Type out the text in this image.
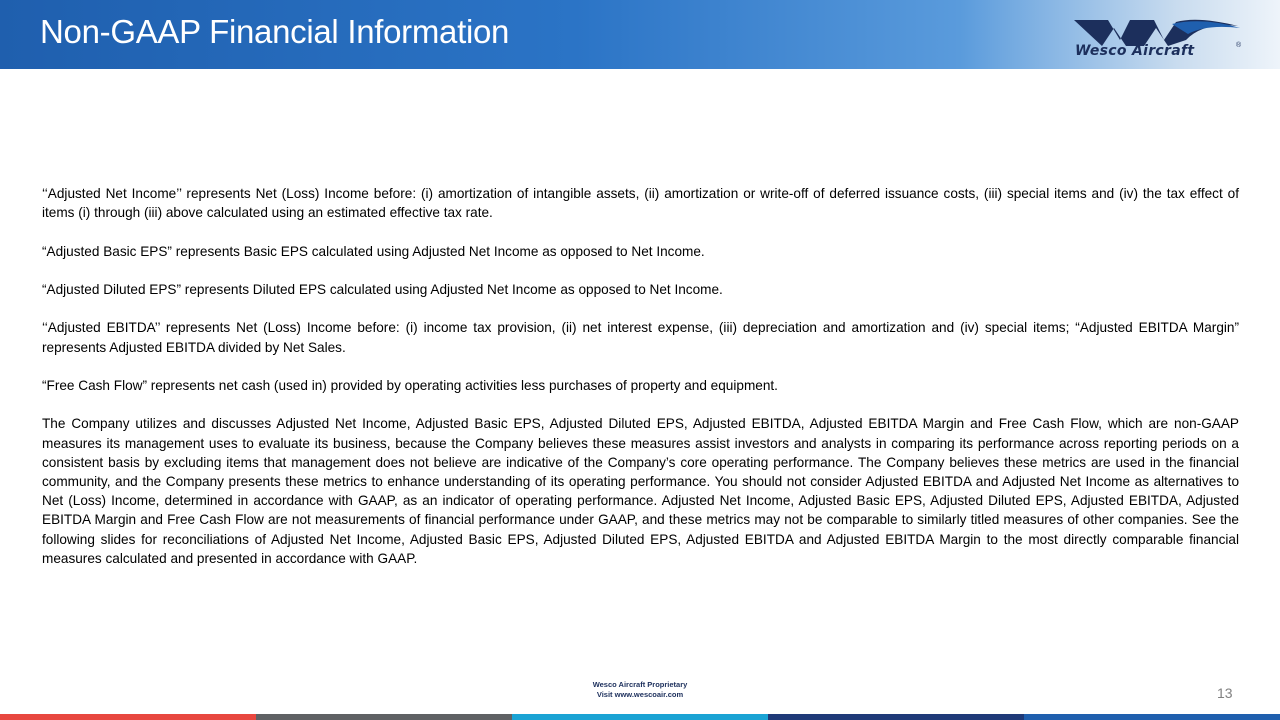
Non-GAAP Financial Information
Wesco Aircraft	®

‘‘Adjusted Net Income’’ represents Net (Loss) Income before: (i) amortization of intangible assets, (ii) amortization or write-off of deferred issuance costs, (iii) special items and (iv) the tax effect of items (i) through (iii) above calculated using an estimated effective tax rate.

“Adjusted Basic EPS” represents Basic EPS calculated using Adjusted Net Income as opposed to Net Income.

“Adjusted Diluted EPS” represents Diluted EPS calculated using Adjusted Net Income as opposed to Net Income.

‘‘Adjusted EBITDA’’ represents Net (Loss) Income before: (i) income tax provision, (ii) net interest expense, (iii) depreciation and amortization and (iv) special items; “Adjusted EBITDA Margin” represents Adjusted EBITDA divided by Net Sales.

“Free Cash Flow” represents net cash (used in) provided by operating activities less purchases of property and equipment.

The Company utilizes and discusses Adjusted Net Income, Adjusted Basic EPS, Adjusted Diluted EPS, Adjusted EBITDA, Adjusted EBITDA Margin and Free Cash Flow, which are non-GAAP measures its management uses to evaluate its business, because the Company believes these measures assist investors and analysts in comparing its performance across reporting periods on a consistent basis by excluding items that management does not believe are indicative of the Company’s core operating performance. The Company believes these metrics are used in the financial community, and the Company presents these metrics to enhance understanding of its operating performance. You should not consider Adjusted EBITDA and Adjusted Net Income as alternatives to Net (Loss) Income, determined in accordance with GAAP, as an indicator of operating performance. Adjusted Net Income, Adjusted Basic EPS, Adjusted Diluted EPS, Adjusted EBITDA, Adjusted EBITDA Margin and Free Cash Flow are not measurements of financial performance under GAAP, and these metrics may not be comparable to similarly titled measures of other companies. See the following slides for reconciliations of Adjusted Net Income, Adjusted Basic EPS, Adjusted Diluted EPS, Adjusted EBITDA and Adjusted EBITDA Margin to the most directly comparable financial measures calculated and presented in accordance with GAAP.

Wesco Aircraft Proprietary
Visit www.wescoair.com	13
